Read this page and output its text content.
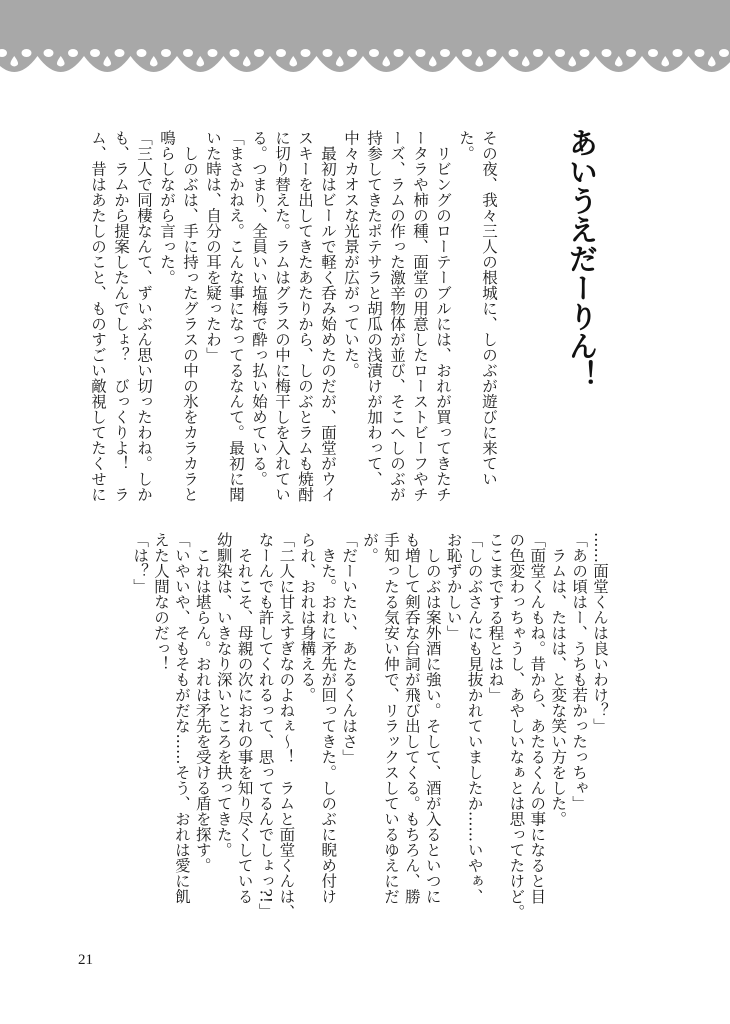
あいうえだーりん！
その夜、我々三人の根城に、しのぶが遊びに来てい
た。
　リビングのローテーブルには、おれが買ってきたチ
ータラや柿の種、面堂の用意したローストビーフやチ
ーズ、ラムの作った激辛物体が並び、そこへしのぶが
持参してきたポテサラと胡瓜の浅漬けが加わって、
中々カオスな光景が広がっていた。
　最初はビールで軽く呑み始めたのだが、面堂がウイ
スキーを出してきたあたりから、しのぶとラムも焼酎
に切り替えた。ラムはグラスの中に梅干しを入れてい
る。つまり、全員いい塩梅で酔っ払い始めている。
「まさかねえ。こんな事になってるなんて。最初に聞
いた時は、自分の耳を疑ったわ」
　しのぶは、手に持ったグラスの中の氷をカラカラと
鳴らしながら言った。
「三人で同棲なんて、ずいぶん思い切ったわね。しか
も、ラムから提案したんでしょ？　びっくりよ！　ラ
ム、昔はあたしのこと、ものすごい敵視してたくせに
……面堂くんは良いわけ？」
「あの頃はー、うちも若かったっちゃ」
　ラムは、たはは、と変な笑い方をした。
「面堂くんもね。昔から、あたるくんの事になると目
の色変わっちゃうし、あやしいなぁとは思ってたけど。
ここまでする程とはね」
「しのぶさんにも見抜かれていましたか……いやぁ、
お恥ずかしい」
　しのぶは案外酒に強い。そして、酒が入るといつに
も増して剣呑な台詞が飛び出してくる。もちろん、勝
手知ったる気安い仲で、リラックスしているゆえにだ
が。
「だーいたい、あたるくんはさ」
　きた。おれに矛先が回ってきた。しのぶに睨め付け
られ、おれは身構える。
「二人に甘えすぎなのよねぇ～！　ラムと面堂くんは、
なーんでも許してくれるって、思ってるんでしょっ?!」
　それこそ、母親の次におれの事を知り尽くしている
幼馴染は、いきなり深いところを抉ってきた。
　これは堪らん。おれは矛先を受ける盾を探す。
「いやいや、そもそもがだな……そう、おれは愛に飢
えた人間なのだっ！
「は？」
21
